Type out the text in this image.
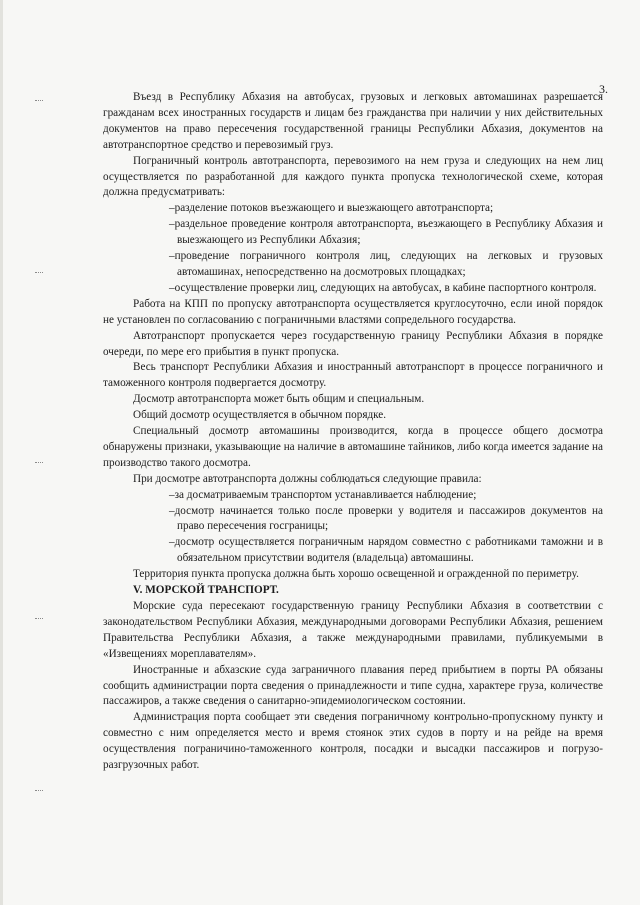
3.

Въезд в Республику Абхазия на автобусах, грузовых и легковых автомашинах разрешается гражданам всех иностранных государств и лицам без гражданства при наличии у них действительных документов на право пересечения государственной границы Республики Абхазия, документов на автотранспортное средство и перевозимый груз.

Пограничный контроль автотранспорта, перевозимого на нем груза и следующих на нем лиц осуществляется по разработанной для каждого пункта пропуска технологической схеме, которая должна предусматривать:

–разделение потоков въезжающего и выезжающего автотранспорта;
–раздельное проведение контроля автотранспорта, въезжающего в Республику Абхазия и выезжающего из Республики Абхазия;
–проведение пограничного контроля лиц, следующих на легковых и грузовых автомашинах, непосредственно на досмотровых площадках;
–осуществление проверки лиц, следующих на автобусах, в кабине паспортного контроля.

Работа на КПП по пропуску автотранспорта осуществляется круглосуточно, если иной порядок не установлен по согласованию с пограничными властями сопредельного государства.

Автотранспорт пропускается через государственную границу Республики Абхазия в порядке очереди, по мере его прибытия в пункт пропуска.

Весь транспорт Республики Абхазия и иностранный автотранспорт в процессе пограничного и таможенного контроля подвергается досмотру.

Досмотр автотранспорта может быть общим и специальным.

Общий досмотр осуществляется в обычном порядке.

Специальный досмотр автомашины производится, когда в процессе общего досмотра обнаружены признаки, указывающие на наличие в автомашине тайников, либо когда имеется задание на производство такого досмотра.

При досмотре автотранспорта должны соблюдаться следующие правила:

–за досматриваемым транспортом устанавливается наблюдение;
–досмотр начинается только после проверки у водителя и пассажиров документов на право пересечения госграницы;
–досмотр осуществляется пограничным нарядом совместно с работниками таможни и в обязательном присутствии водителя (владельца) автомашины.

Территория пункта пропуска должна быть хорошо освещенной и огражденной по периметру.

V. МОРСКОЙ ТРАНСПОРТ.

Морские суда пересекают государственную границу Республики Абхазия в соответствии с законодательством Республики Абхазия, международными договорами Республики Абхазия, решением Правительства Республики Абхазия, а также международными правилами, публикуемыми в «Извещениях мореплавателям».

Иностранные и абхазские суда заграничного плавания перед прибытием в порты РА обязаны сообщить администрации порта сведения о принадлежности и типе судна, характере груза, количестве пассажиров, а также сведения о санитарно-эпидемиологическом состоянии.

Администрация порта сообщает эти сведения пограничному контрольно-пропускному пункту и совместно с ним определяется место и время стоянок этих судов в порту и на рейде на время осуществления пограничино-таможенного контроля, посадки и высадки пассажиров и погрузо-разгрузочных работ.
